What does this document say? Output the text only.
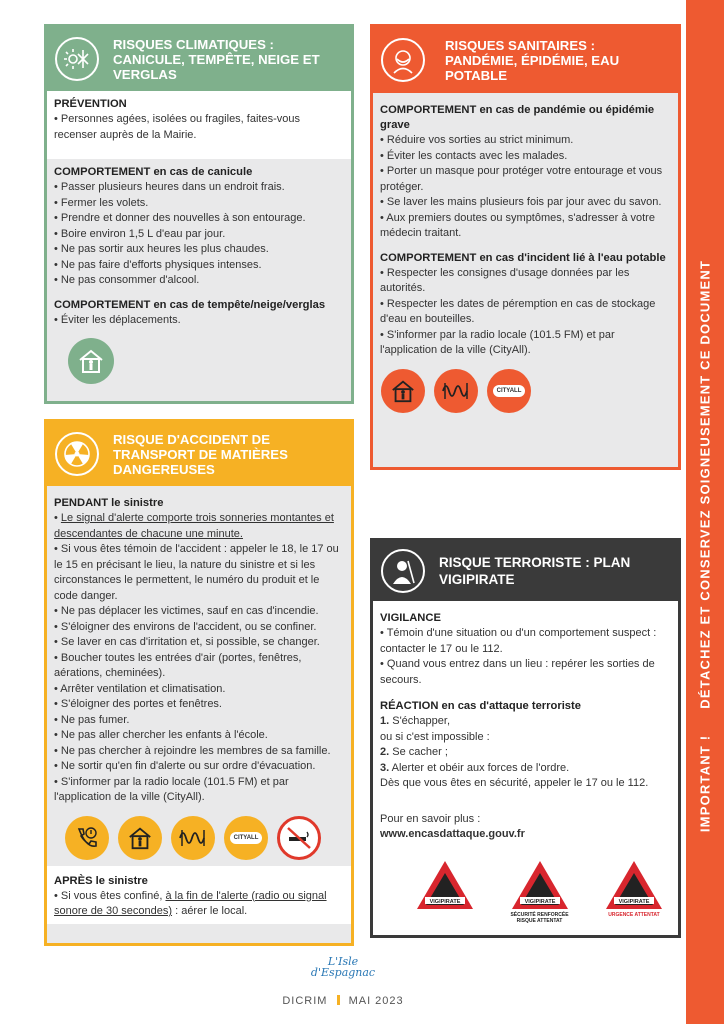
RISQUES CLIMATIQUES : CANICULE, TEMPÊTE, NEIGE ET VERGLAS
PRÉVENTION

• Personnes agées, isolées ou fragiles, faites-vous recenser auprès de la Mairie.

COMPORTEMENT en cas de canicule

• Passer plusieurs heures dans un endroit frais.

• Fermer les volets.

• Prendre et donner des nouvelles à son entourage.

• Boire environ 1,5 L d'eau par jour.

• Ne pas sortir aux heures les plus chaudes.

• Ne pas faire d'efforts physiques intenses.

• Ne pas consommer d'alcool.

COMPORTEMENT en cas de tempête/neige/verglas

• Éviter les déplacements.

RISQUES SANITAIRES : PANDÉMIE, ÉPIDÉMIE, EAU POTABLE
COMPORTEMENT en cas de pandémie ou épidémie grave

• Réduire vos sorties au strict minimum.

• Éviter les contacts avec les malades.

• Porter un masque pour protéger votre entourage et vous protéger.

• Se laver les mains plusieurs fois par jour avec du savon.

• Aux premiers doutes ou symptômes, s'adresser à votre médecin traitant.

COMPORTEMENT en cas d'incident lié à l'eau potable

• Respecter les consignes d'usage données par les autorités.

• Respecter les dates de péremption en cas de stockage d'eau en bouteilles.

• S'informer par la radio locale (101.5 FM) et par l'application de la ville (CityAll).

CITYALL
RISQUE D'ACCIDENT DE TRANSPORT DE MATIÈRES DANGEREUSES
PENDANT le sinistre

• Le signal d'alerte comporte trois sonneries montantes et descendantes de chacune une minute.

• Si vous êtes témoin de l'accident : appeler le 18, le 17 ou le 15 en précisant le lieu, la nature du sinistre et si les circonstances le permettent, le numéro du produit et le code danger.

• Ne pas déplacer les victimes, sauf en cas d'incendie.

• S'éloigner des environs de l'accident, ou se confiner.

• Se laver en cas d'irritation et, si possible, se changer.

• Boucher toutes les entrées d'air (portes, fenêtres, aérations, cheminées).

• Arrêter ventilation et climatisation.

• S'éloigner des portes et fenêtres.

• Ne pas fumer.

• Ne pas aller chercher les enfants à l'école.

• Ne pas chercher à rejoindre les membres de sa famille.

• Ne sortir qu'en fin d'alerte ou sur ordre d'évacuation.

• S'informer par la radio locale (101.5 FM) et par l'application de la ville (CityAll).

CITYALL
APRÈS le sinistre

• Si vous êtes confiné, à la fin de l'alerte (radio ou signal sonore de 30 secondes) : aérer le local.

RISQUE TERRORISTE : PLAN VIGIPIRATE
VIGILANCE

• Témoin d'une situation ou d'un comportement suspect : contacter le 17 ou le 112.

• Quand vous entrez dans un lieu : repérer les sorties de secours.

RÉACTION en cas d'attaque terroriste

1. S'échapper,

ou si c'est impossible :

2. Se cacher ;

3. Alerter et obéir aux forces de l'ordre.

Dès que vous êtes en sécurité, appeler le 17 ou le 112.

Pour en savoir plus :

www.encasdattaque.gouv.fr

VIGIPIRATE	VIGIPIRATE
SÉCURITÉ RENFORCÉE RISQUE ATTENTAT
VIGIPIRATE
URGENCE ATTENTAT
IMPORTANT !DÉTACHEZ ET CONSERVEZ SOIGNEUSEMENT CE DOCUMENT
L'Isle
d'Espagnac
DICRIM MAI 2023
